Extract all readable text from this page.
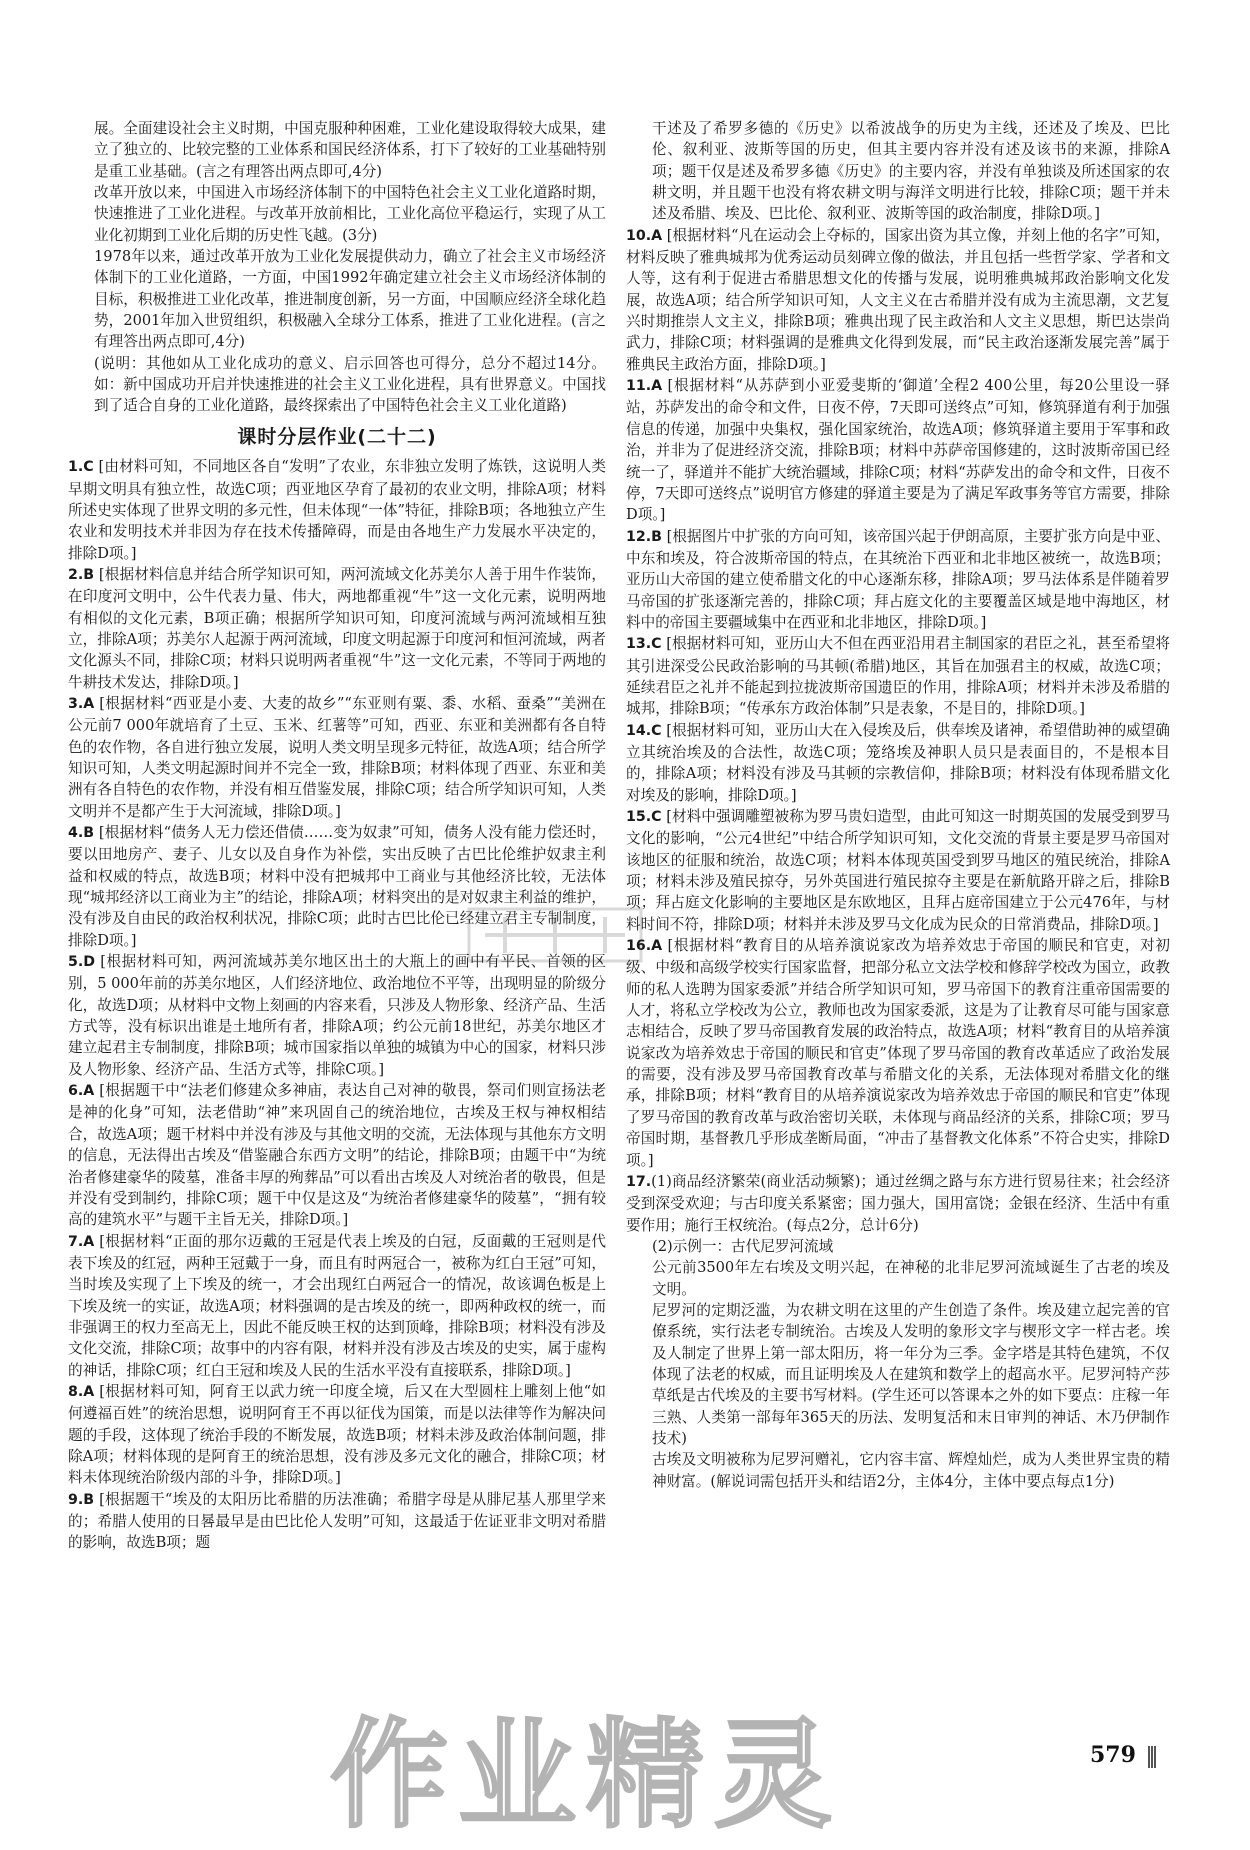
展。全面建设社会主义时期，中国克服种种困难，工业化建设取得较大成果，建立了独立的、比较完整的工业体系和国民经济体系，打下了较好的工业基础特别是重工业基础。(言之有理答出两点即可,4分)

改革开放以来，中国进入市场经济体制下的中国特色社会主义工业化道路时期，快速推进了工业化进程。与改革开放前相比，工业化高位平稳运行，实现了从工业化初期到工业化后期的历史性飞越。(3分)

1978年以来，通过改革开放为工业化发展提供动力，确立了社会主义市场经济体制下的工业化道路，一方面，中国1992年确定建立社会主义市场经济体制的目标，积极推进工业化改革，推进制度创新，另一方面，中国顺应经济全球化趋势，2001年加入世贸组织，积极融入全球分工体系，推进了工业化进程。(言之有理答出两点即可,4分)

(说明：其他如从工业化成功的意义、启示回答也可得分，总分不超过14分。如：新中国成功开启并快速推进的社会主义工业化进程，具有世界意义。中国找到了适合自身的工业化道路，最终探索出了中国特色社会主义工业化道路)

课时分层作业(二十二)
1.C [由材料可知，不同地区各自“发明”了农业，东非独立发明了炼铁，这说明人类早期文明具有独立性，故选C项；西亚地区孕育了最初的农业文明，排除A项；材料所述史实体现了世界文明的多元性，但未体现“一体”特征，排除B项；各地独立产生农业和发明技术并非因为存在技术传播障碍，而是由各地生产力发展水平决定的，排除D项。]
2.B [根据材料信息并结合所学知识可知，两河流域文化苏美尔人善于用牛作装饰，在印度河文明中，公牛代表力量、伟大，两地都重视“牛”这一文化元素，说明两地有相似的文化元素，B项正确；根据所学知识可知，印度河流域与两河流域相互独立，排除A项；苏美尔人起源于两河流域，印度文明起源于印度河和恒河流域，两者文化源头不同，排除C项；材料只说明两者重视“牛”这一文化元素，不等同于两地的牛耕技术发达，排除D项。]
3.A [根据材料“西亚是小麦、大麦的故乡”“东亚则有粟、黍、水稻、蚕桑”“美洲在公元前7 000年就培育了土豆、玉米、红薯等”可知，西亚、东亚和美洲都有各自特色的农作物，各自进行独立发展，说明人类文明呈现多元特征，故选A项；结合所学知识可知，人类文明起源时间并不完全一致，排除B项；材料体现了西亚、东亚和美洲有各自特色的农作物，并没有相互借鉴发展，排除C项；结合所学知识可知，人类文明并不是都产生于大河流域，排除D项。]
4.B [根据材料“债务人无力偿还借债……变为奴隶”可知，债务人没有能力偿还时，要以田地房产、妻子、儿女以及自身作为补偿，实出反映了古巴比伦维护奴隶主利益和权威的特点，故选B项；材料中没有把城邦中工商业与其他经济比较，无法体现“城邦经济以工商业为主”的结论，排除A项；材料突出的是对奴隶主利益的维护，没有涉及自由民的政治权利状况，排除C项；此时古巴比伦已经建立君主专制制度，排除D项。]
5.D [根据材料可知，两河流域苏美尔地区出土的大瓶上的画中有平民、首领的区别，5 000年前的苏美尔地区，人们经济地位、政治地位不平等，出现明显的阶级分化，故选D项；从材料中文物上刻画的内容来看，只涉及人物形象、经济产品、生活方式等，没有标识出谁是土地所有者，排除A项；约公元前18世纪，苏美尔地区才建立起君主专制制度，排除B项；城市国家指以单独的城镇为中心的国家，材料只涉及人物形象、经济产品、生活方式等，排除C项。]
6.A [根据题干中“法老们修建众多神庙，表达自己对神的敬畏，祭司们则宣扬法老是神的化身”可知，法老借助“神”来巩固自己的统治地位，古埃及王权与神权相结合，故选A项；题干材料中并没有涉及与其他文明的交流，无法体现与其他东方文明的信息，无法得出古埃及“借鉴融合东西方文明”的结论，排除B项；由题干中“为统治者修建豪华的陵墓，准备丰厚的殉葬品”可以看出古埃及人对统治者的敬畏，但是并没有受到制约，排除C项；题干中仅是这及“为统治者修建豪华的陵墓”，“拥有较高的建筑水平”与题干主旨无关，排除D项。]
7.A [根据材料“正面的那尔迈戴的王冠是代表上埃及的白冠，反面戴的王冠则是代表下埃及的红冠，两种王冠戴于一身，而且有时两冠合一，被称为红白王冠”可知，当时埃及实现了上下埃及的统一，才会出现红白两冠合一的情况，故该调色板是上下埃及统一的实证，故选A项；材料强调的是古埃及的统一，即两种政权的统一，而非强调王的权力至高无上，因此不能反映王权的达到顶峰，排除B项；材料没有涉及文化交流，排除C项；故事中的内容有限，材料并没有涉及古埃及的史实，属于虚构的神话，排除C项；红白王冠和埃及人民的生活水平没有直接联系，排除D项。]
8.A [根据材料可知，阿育王以武力统一印度全境，后又在大型圆柱上雕刻上他“如何遵福百姓”的统治思想，说明阿育王不再以征伐为国策，而是以法律等作为解决问题的手段，这体现了统治手段的不断发展，故选B项；材料未涉及政治体制问题，排除A项；材料体现的是阿育王的统治思想，没有涉及多元文化的融合，排除C项；材料未体现统治阶级内部的斗争，排除D项。]
9.B [根据题干“埃及的太阳历比希腊的历法准确；希腊字母是从腓尼基人那里学来的；希腊人使用的日晷最早是由巴比伦人发明”可知，这最适于佐证亚非文明对希腊的影响，故选B项；题

干述及了希罗多德的《历史》以希波战争的历史为主线，还述及了埃及、巴比伦、叙利亚、波斯等国的历史，但其主要内容并没有述及该书的来源，排除A项；题干仅是述及希罗多德《历史》的主要内容，并没有单独谈及所述国家的农耕文明，并且题干也没有将农耕文明与海洋文明进行比较，排除C项；题干并未述及希腊、埃及、巴比伦、叙利亚、波斯等国的政治制度，排除D项。]

10.A [根据材料“凡在运动会上夺标的，国家出资为其立像，并刻上他的名字”可知，材料反映了雅典城邦为优秀运动员刻碑立像的做法，并且包括一些哲学家、学者和文人等，这有利于促进古希腊思想文化的传播与发展，说明雅典城邦政治影响文化发展，故选A项；结合所学知识可知，人文主义在古希腊并没有成为主流思潮，文艺复兴时期推崇人文主义，排除B项；雅典出现了民主政治和人文主义思想，斯巴达崇尚武力，排除C项；材料强调的是雅典文化得到发展，而“民主政治逐渐发展完善”属于雅典民主政治方面，排除D项。]
11.A [根据材料“从苏萨到小亚爱斐斯的‘御道’全程2 400公里，每20公里设一驿站，苏萨发出的命令和文件，日夜不停，7天即可送终点”可知，修筑驿道有利于加强信息的传递，加强中央集权，强化国家统治，故选A项；修筑驿道主要用于军事和政治，并非为了促进经济交流，排除B项；材料中苏萨帝国修建的，这时波斯帝国已经统一了，驿道并不能扩大统治疆域，排除C项；材料“苏萨发出的命令和文件，日夜不停，7天即可送终点”说明官方修建的驿道主要是为了满足军政事务等官方需要，排除D项。]
12.B [根据图片中扩张的方向可知，该帝国兴起于伊朗高原，主要扩张方向是中亚、中东和埃及，符合波斯帝国的特点，在其统治下西亚和北非地区被统一，故选B项；亚历山大帝国的建立使希腊文化的中心逐渐东移，排除A项；罗马法体系是伴随着罗马帝国的扩张逐渐完善的，排除C项；拜占庭文化的主要覆盖区域是地中海地区，材料中的帝国主要疆域集中在西亚和北非地区，排除D项。]
13.C [根据材料可知，亚历山大不但在西亚沿用君主制国家的君臣之礼，甚至希望将其引进深受公民政治影响的马其顿(希腊)地区，其旨在加强君主的权威，故选C项；延续君臣之礼并不能起到拉拢波斯帝国遗臣的作用，排除A项；材料并未涉及希腊的城邦，排除B项；“传承东方政治体制”只是表象，不是目的，排除D项。]
14.C [根据材料可知，亚历山大在入侵埃及后，供奉埃及诸神，希望借助神的威望确立其统治埃及的合法性，故选C项；笼络埃及神职人员只是表面目的，不是根本目的，排除A项；材料没有涉及马其顿的宗教信仰，排除B项；材料没有体现希腊文化对埃及的影响，排除D项。]
15.C [材料中强调雕塑被称为罗马贵妇造型，由此可知这一时期英国的发展受到罗马文化的影响，“公元4世纪”中结合所学知识可知，文化交流的背景主要是罗马帝国对该地区的征服和统治，故选C项；材料本体现英国受到罗马地区的殖民统治，排除A项；材料未涉及殖民掠夺，另外英国进行殖民掠夺主要是在新航路开辟之后，排除B项；拜占庭文化影响的主要地区是东欧地区，且拜占庭帝国建立于公元476年，与材料时间不符，排除D项；材料并未涉及罗马文化成为民众的日常消费品，排除D项。]
16.A [根据材料“教育目的从培养演说家改为培养效忠于帝国的顺民和官吏，对初级、中级和高级学校实行国家监督，把部分私立文法学校和修辞学校改为国立，政教师的私人选聘为国家委派”并结合所学知识可知，罗马帝国下的教育注重帝国需要的人才，将私立学校改为公立，教师也改为国家委派，这是为了让教育尽可能与国家意志相结合，反映了罗马帝国教育发展的政治特点，故选A项；材料“教育目的从培养演说家改为培养效忠于帝国的顺民和官吏”体现了罗马帝国的教育改革适应了政治发展的需要，没有涉及罗马帝国教育改革与希腊文化的关系，无法体现对希腊文化的继承，排除B项；材料“教育目的从培养演说家改为培养效忠于帝国的顺民和官吏”体现了罗马帝国的教育改革与政治密切关联，未体现与商品经济的关系，排除C项；罗马帝国时期，基督教几乎形成垄断局面，“冲击了基督教文化体系”不符合史实，排除D项。]
17.(1)商品经济繁荣(商业活动频繁)；通过丝绸之路与东方进行贸易往来；社会经济受到深受欢迎；与古印度关系紧密；国力强大，国用富饶；金银在经济、生活中有重要作用；施行王权统治。(每点2分，总计6分)

(2)示例一：古代尼罗河流域

公元前3500年左右埃及文明兴起，在神秘的北非尼罗河流域诞生了古老的埃及文明。

尼罗河的定期泛滥，为农耕文明在这里的产生创造了条件。埃及建立起完善的官僚系统，实行法老专制统治。古埃及人发明的象形文字与楔形文字一样古老。埃及人制定了世界上第一部太阳历，将一年分为三季。金字塔是其特色建筑，不仅体现了法老的权威，而且证明埃及人在建筑和数学上的超高水平。尼罗河特产莎草纸是古代埃及的主要书写材料。(学生还可以答课本之外的如下要点：庄稼一年三熟、人类第一部每年365天的历法、发明复活和末日审判的神话、木乃伊制作技术)

古埃及文明被称为尼罗河赠礼，它内容丰富、辉煌灿烂，成为人类世界宝贵的精神财富。(解说词需包括开头和结语2分，主体4分，主体中要点每点1分)

作业精灵	579
